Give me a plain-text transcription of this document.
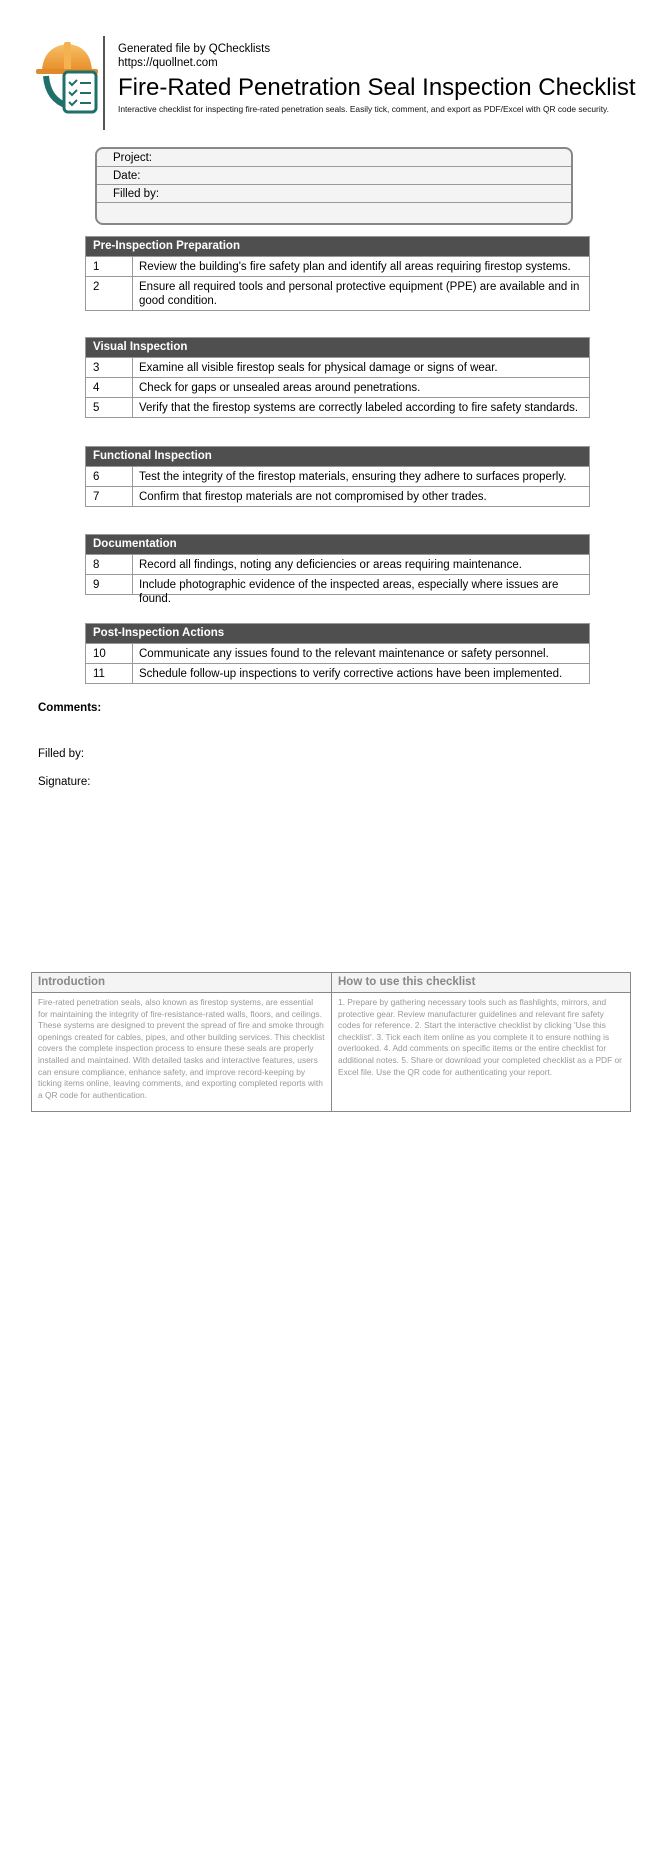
Generated file by QChecklists
https://quollnet.com
Fire-Rated Penetration Seal Inspection Checklist
Interactive checklist for inspecting fire-rated penetration seals. Easily tick, comment, and export as PDF/Excel with QR code security.
Project:
Date:
Filled by:
Pre-Inspection Preparation
1	Review the building's fire safety plan and identify all areas requiring firestop systems.
2	Ensure all required tools and personal protective equipment (PPE) are available and in good condition.
Visual Inspection
3	Examine all visible firestop seals for physical damage or signs of wear.
4	Check for gaps or unsealed areas around penetrations.
5	Verify that the firestop systems are correctly labeled according to fire safety standards.
Functional Inspection
6	Test the integrity of the firestop materials, ensuring they adhere to surfaces properly.
7	Confirm that firestop materials are not compromised by other trades.
Documentation
8	Record all findings, noting any deficiencies or areas requiring maintenance.
9	Include photographic evidence of the inspected areas, especially where issues are found.
Post-Inspection Actions
10	Communicate any issues found to the relevant maintenance or safety personnel.
11	Schedule follow-up inspections to verify corrective actions have been implemented.
Comments:
Filled by:
Signature:
Introduction
Fire-rated penetration seals, also known as firestop systems, are essential for maintaining the integrity of fire-resistance-rated walls, floors, and ceilings. These systems are designed to prevent the spread of fire and smoke through openings created for cables, pipes, and other building services. This checklist covers the complete inspection process to ensure these seals are properly installed and maintained. With detailed tasks and interactive features, users can ensure compliance, enhance safety, and improve record-keeping by ticking items online, leaving comments, and exporting completed reports with a QR code for authentication.
How to use this checklist
1. Prepare by gathering necessary tools such as flashlights, mirrors, and protective gear. Review manufacturer guidelines and relevant fire safety codes for reference. 2. Start the interactive checklist by clicking 'Use this checklist'. 3. Tick each item online as you complete it to ensure nothing is overlooked. 4. Add comments on specific items or the entire checklist for additional notes. 5. Share or download your completed checklist as a PDF or Excel file. Use the QR code for authenticating your report.
